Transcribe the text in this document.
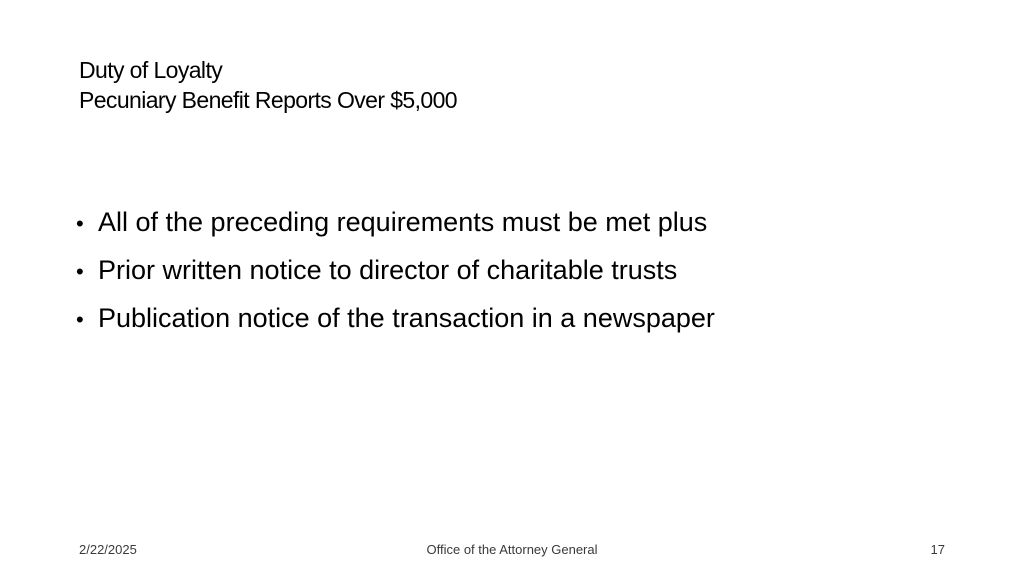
Duty of Loyalty
Pecuniary Benefit Reports Over $5,000
• All of the preceding requirements must be met plus
• Prior written notice to director of charitable trusts
• Publication notice of the transaction in a newspaper
2/22/2025	Office of the Attorney General	17
